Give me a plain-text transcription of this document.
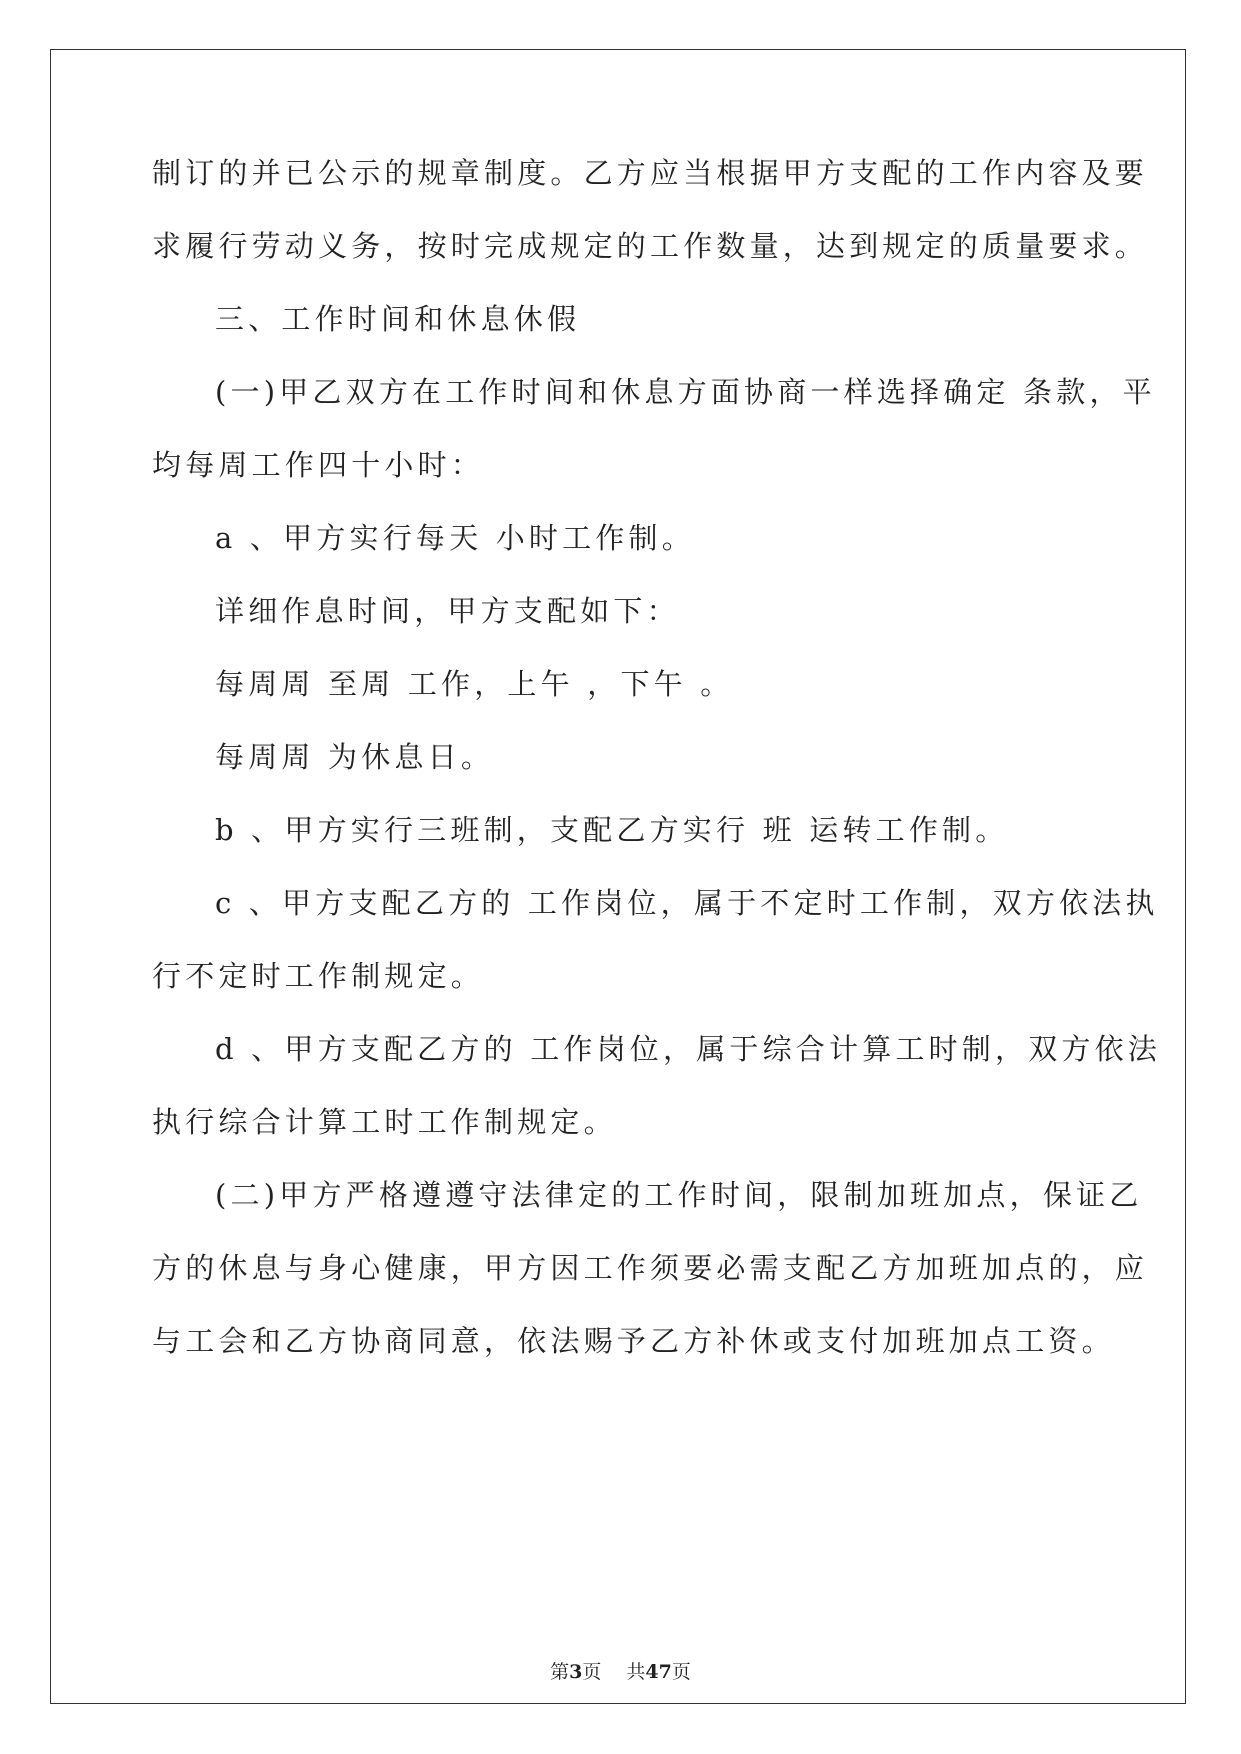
制订的并已公示的规章制度。乙方应当根据甲方支配的工作内容及要
求履行劳动义务，按时完成规定的工作数量，达到规定的质量要求。
三、工作时间和休息休假
(一)甲乙双方在工作时间和休息方面协商一样选择确定 条款，平
均每周工作四十小时：
a 、甲方实行每天 小时工作制。
详细作息时间，甲方支配如下：
每周周 至周 工作，上午 ，下午 。
每周周 为休息日。
b 、甲方实行三班制，支配乙方实行 班 运转工作制。
c 、甲方支配乙方的 工作岗位，属于不定时工作制，双方依法执
行不定时工作制规定。
d 、甲方支配乙方的 工作岗位，属于综合计算工时制，双方依法
执行综合计算工时工作制规定。
(二)甲方严格遵遵守法律定的工作时间，限制加班加点，保证乙
方的休息与身心健康，甲方因工作须要必需支配乙方加班加点的，应
与工会和乙方协商同意，依法赐予乙方补休或支付加班加点工资。
第3页　 共47页
